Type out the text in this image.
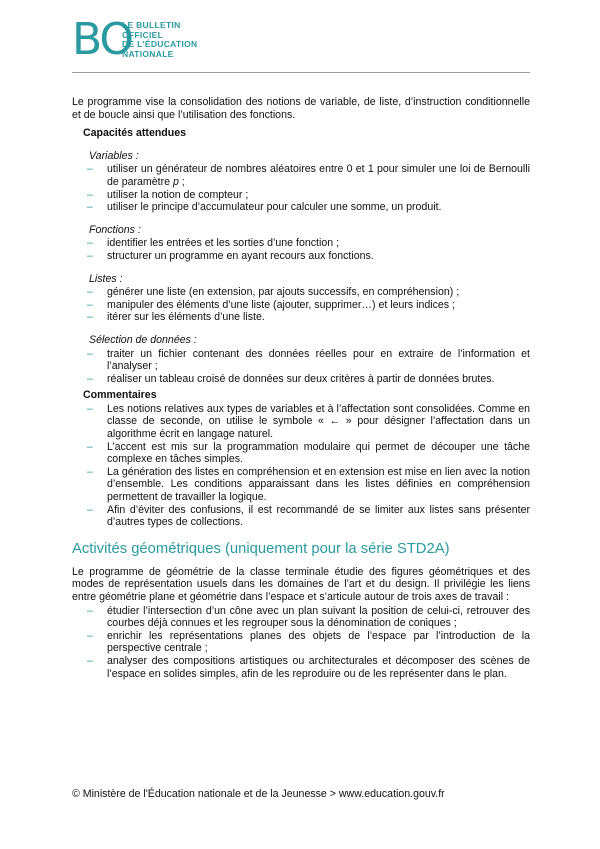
BO
LE BULLETIN
OFFICIEL
DE L'ÉDUCATION
NATIONALE

Le programme vise la consolidation des notions de variable, de liste, d’instruction conditionnelle et de boucle ainsi que l’utilisation des fonctions.

Capacités attendues
Variables :
– utiliser un générateur de nombres aléatoires entre 0 et 1 pour simuler une loi de Bernoulli de paramètre p ;
– utiliser la notion de compteur ;
– utiliser le principe d’accumulateur pour calculer une somme, un produit.
Fonctions :
– identifier les entrées et les sorties d’une fonction ;
– structurer un programme en ayant recours aux fonctions.
Listes :
– générer une liste (en extension, par ajouts successifs, en compréhension) ;
– manipuler des éléments d’une liste (ajouter, supprimer…) et leurs indices ;
– itérer sur les éléments d’une liste.
Sélection de données :
– traiter un fichier contenant des données réelles pour en extraire de l’information et l’analyser ;
– réaliser un tableau croisé de données sur deux critères à partir de données brutes.
Commentaires
– Les notions relatives aux types de variables et à l’affectation sont consolidées. Comme en classe de seconde, on utilise le symbole « ← » pour désigner l’affectation dans un algorithme écrit en langage naturel.
– L’accent est mis sur la programmation modulaire qui permet de découper une tâche complexe en tâches simples.
– La génération des listes en compréhension et en extension est mise en lien avec la notion d’ensemble. Les conditions apparaissant dans les listes définies en compréhension permettent de travailler la logique.
– Afin d’éviter des confusions, il est recommandé de se limiter aux listes sans présenter d’autres types de collections.
Activités géométriques (uniquement pour la série STD2A)

Le programme de géométrie de la classe terminale étudie des figures géométriques et des modes de représentation usuels dans les domaines de l’art et du design. Il privilégie les liens entre géométrie plane et géométrie dans l’espace et s’articule autour de trois axes de travail :

– étudier l’intersection d’un cône avec un plan suivant la position de celui-ci, retrouver des courbes déjà connues et les regrouper sous la dénomination de coniques ;
– enrichir les représentations planes des objets de l’espace par l’introduction de la perspective centrale ;
– analyser des compositions artistiques ou architecturales et décomposer des scènes de l’espace en solides simples, afin de les reproduire ou de les représenter dans le plan.
© Ministère de l'Éducation nationale et de la Jeunesse > www.education.gouv.fr
